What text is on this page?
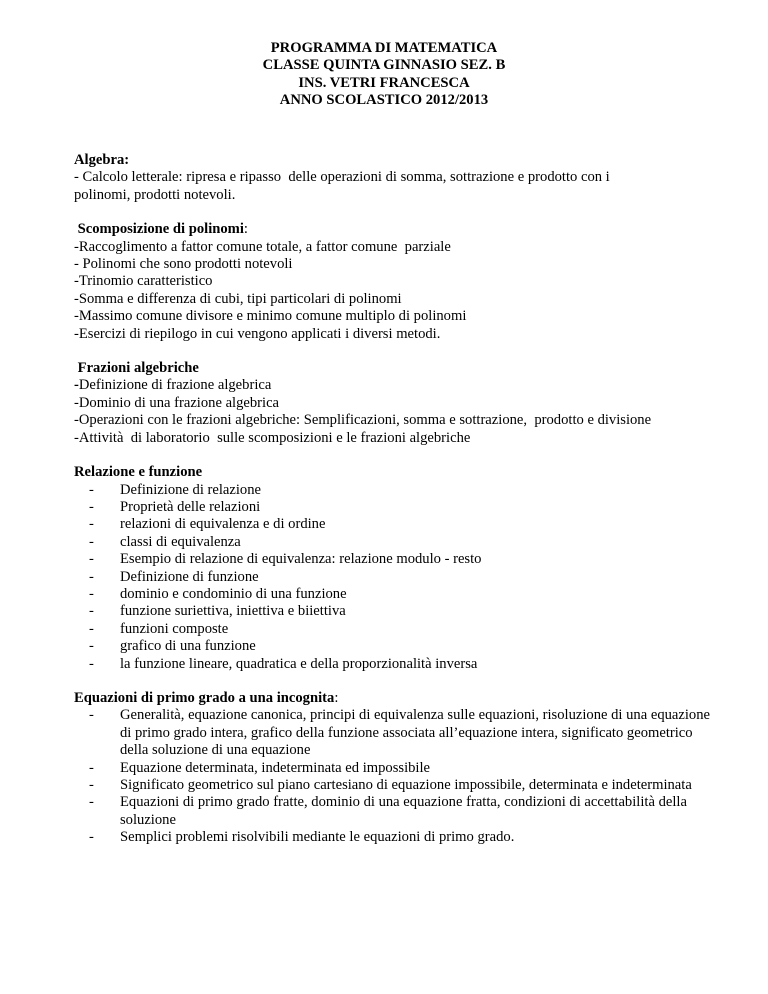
PROGRAMMA DI MATEMATICA
CLASSE QUINTA GINNASIO SEZ. B
INS. VETRI FRANCESCA
ANNO SCOLASTICO 2012/2013
Algebra:
- Calcolo letterale: ripresa e ripasso  delle operazioni di somma, sottrazione e prodotto con i
polinomi, prodotti notevoli.
Scomposizione di polinomi:
-Raccoglimento a fattor comune totale, a fattor comune  parziale
- Polinomi che sono prodotti notevoli
-Trinomio caratteristico
-Somma e differenza di cubi, tipi particolari di polinomi
-Massimo comune divisore e minimo comune multiplo di polinomi
-Esercizi di riepilogo in cui vengono applicati i diversi metodi.
Frazioni algebriche
-Definizione di frazione algebrica
-Dominio di una frazione algebrica
-Operazioni con le frazioni algebriche: Semplificazioni, somma e sottrazione,  prodotto e divisione
-Attività  di laboratorio  sulle scomposizioni e le frazioni algebriche
Relazione e funzione
- Definizione di relazione
- Proprietà delle relazioni
- relazioni di equivalenza e di ordine
- classi di equivalenza
- Esempio di relazione di equivalenza: relazione modulo - resto
- Definizione di funzione
- dominio e condominio di una funzione
- funzione suriettiva, iniettiva e biiettiva
- funzioni composte
- grafico di una funzione
- la funzione lineare, quadratica e della proporzionalità inversa
Equazioni di primo grado a una incognita:
- Generalità, equazione canonica, principi di equivalenza sulle equazioni, risoluzione di una equazione di primo grado intera, grafico della funzione associata all’equazione intera, significato geometrico della soluzione di una equazione
- Equazione determinata, indeterminata ed impossibile
- Significato geometrico sul piano cartesiano di equazione impossibile, determinata e indeterminata
- Equazioni di primo grado fratte, dominio di una equazione fratta, condizioni di accettabilità della soluzione
- Semplici problemi risolvibili mediante le equazioni di primo grado.
